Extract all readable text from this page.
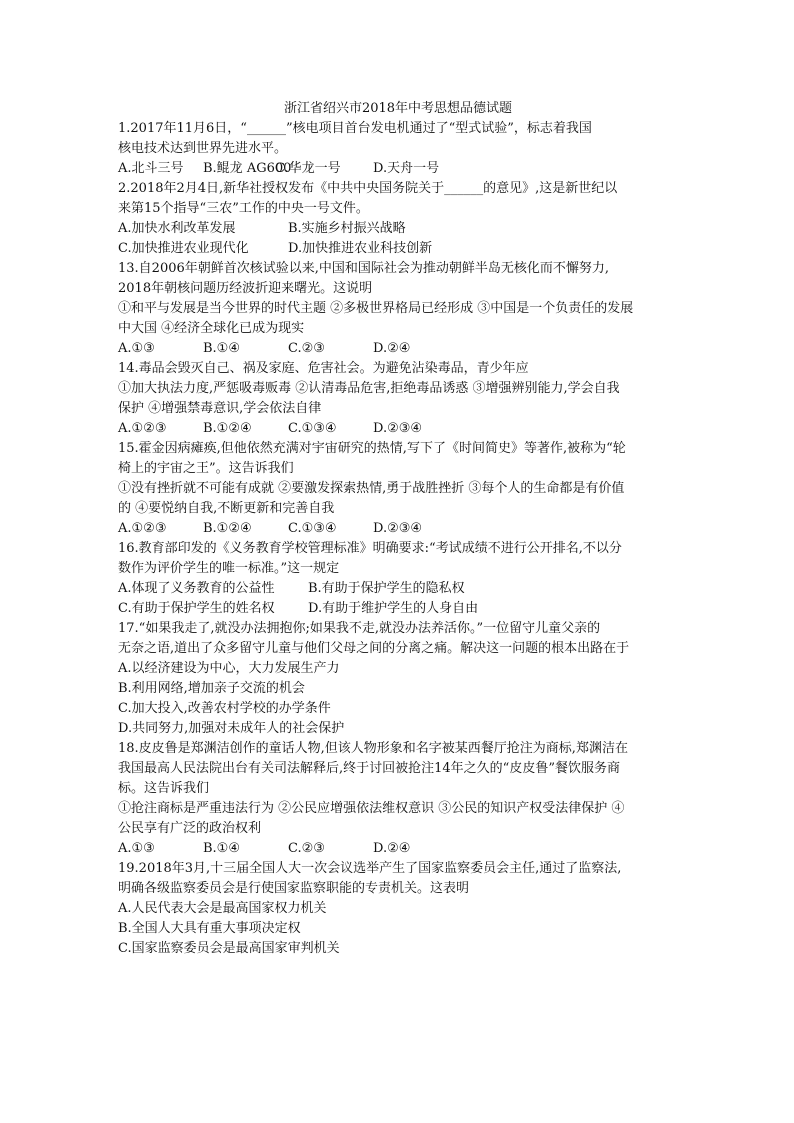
浙江省绍兴市2018年中考思想品德试题
1.2017年11月6日，“______”核电项目首台发电机通过了“型式试验”，标志着我国
核电技术达到世界先进水平。
A.北斗三号 B.鲲龙 AG600C.华龙一号 D.天舟一号
2.2018年2月4日,新华社授权发布《中共中央国务院关于______的意见》,这是新世纪以
来第15个指导“三农”工作的中央一号文件。
A.加快水利改革发展	B.实施乡村振兴战略
C.加快推进农业现代化	D.加快推进农业科技创新
13.自2006年朝鲜首次核试验以来,中国和国际社会为推动朝鲜半岛无核化而不懈努力,
2018年朝核问题历经波折迎来曙光。这说明
①和平与发展是当今世界的时代主题 ②多极世界格局已经形成 ③中国是一个负责任的发展
中大国 ④经济全球化已成为现实
A.①③	B.①④	C.②③	D.②④
14.毒品会毁灭自己、祸及家庭、危害社会。为避免沾染毒品，青少年应
①加大执法力度,严惩吸毒贩毒 ②认清毒品危害,拒绝毒品诱惑 ③增强辨别能力,学会自我
保护 ④增强禁毒意识,学会依法自律
A.①②③	B.①②④	C.①③④	D.②③④
15.霍金因病瘫痪,但他依然充满对宇宙研究的热情,写下了《时间简史》等著作,被称为“轮
椅上的宇宙之王”。这告诉我们
①没有挫折就不可能有成就 ②要激发探索热情,勇于战胜挫折 ③每个人的生命都是有价值
的 ④要悦纳自我,不断更新和完善自我
A.①②③	B.①②④	C.①③④	D.②③④
16.教育部印发的《义务教育学校管理标准》明确要求:“考试成绩不进行公开排名,不以分
数作为评价学生的唯一标准。”这一规定
A.体现了义务教育的公益性	B.有助于保护学生的隐私权
C.有助于保护学生的姓名权	D.有助于维护学生的人身自由
17.“如果我走了,就没办法拥抱你;如果我不走,就没办法养活你。”一位留守儿童父亲的
无奈之语,道出了众多留守儿童与他们父母之间的分离之痛。解决这一问题的根本出路在于
A.以经济建设为中心，大力发展生产力
B.利用网络,增加亲子交流的机会
C.加大投入,改善农村学校的办学条件
D.共同努力,加强对未成年人的社会保护
18.皮皮鲁是郑渊洁创作的童话人物,但该人物形象和名字被某西餐厅抢注为商标,郑渊洁在
我国最高人民法院出台有关司法解释后,终于讨回被抢注14年之久的“皮皮鲁”餐饮服务商
标。这告诉我们
①抢注商标是严重违法行为 ②公民应增强依法维权意识 ③公民的知识产权受法律保护 ④
公民享有广泛的政治权利
A.①③	B.①④	C.②③	D.②④
19.2018年3月,十三届全国人大一次会议选举产生了国家监察委员会主任,通过了监察法,
明确各级监察委员会是行使国家监察职能的专责机关。这表明
A.人民代表大会是最高国家权力机关
B.全国人大具有重大事项决定权
C.国家监察委员会是最高国家审判机关
